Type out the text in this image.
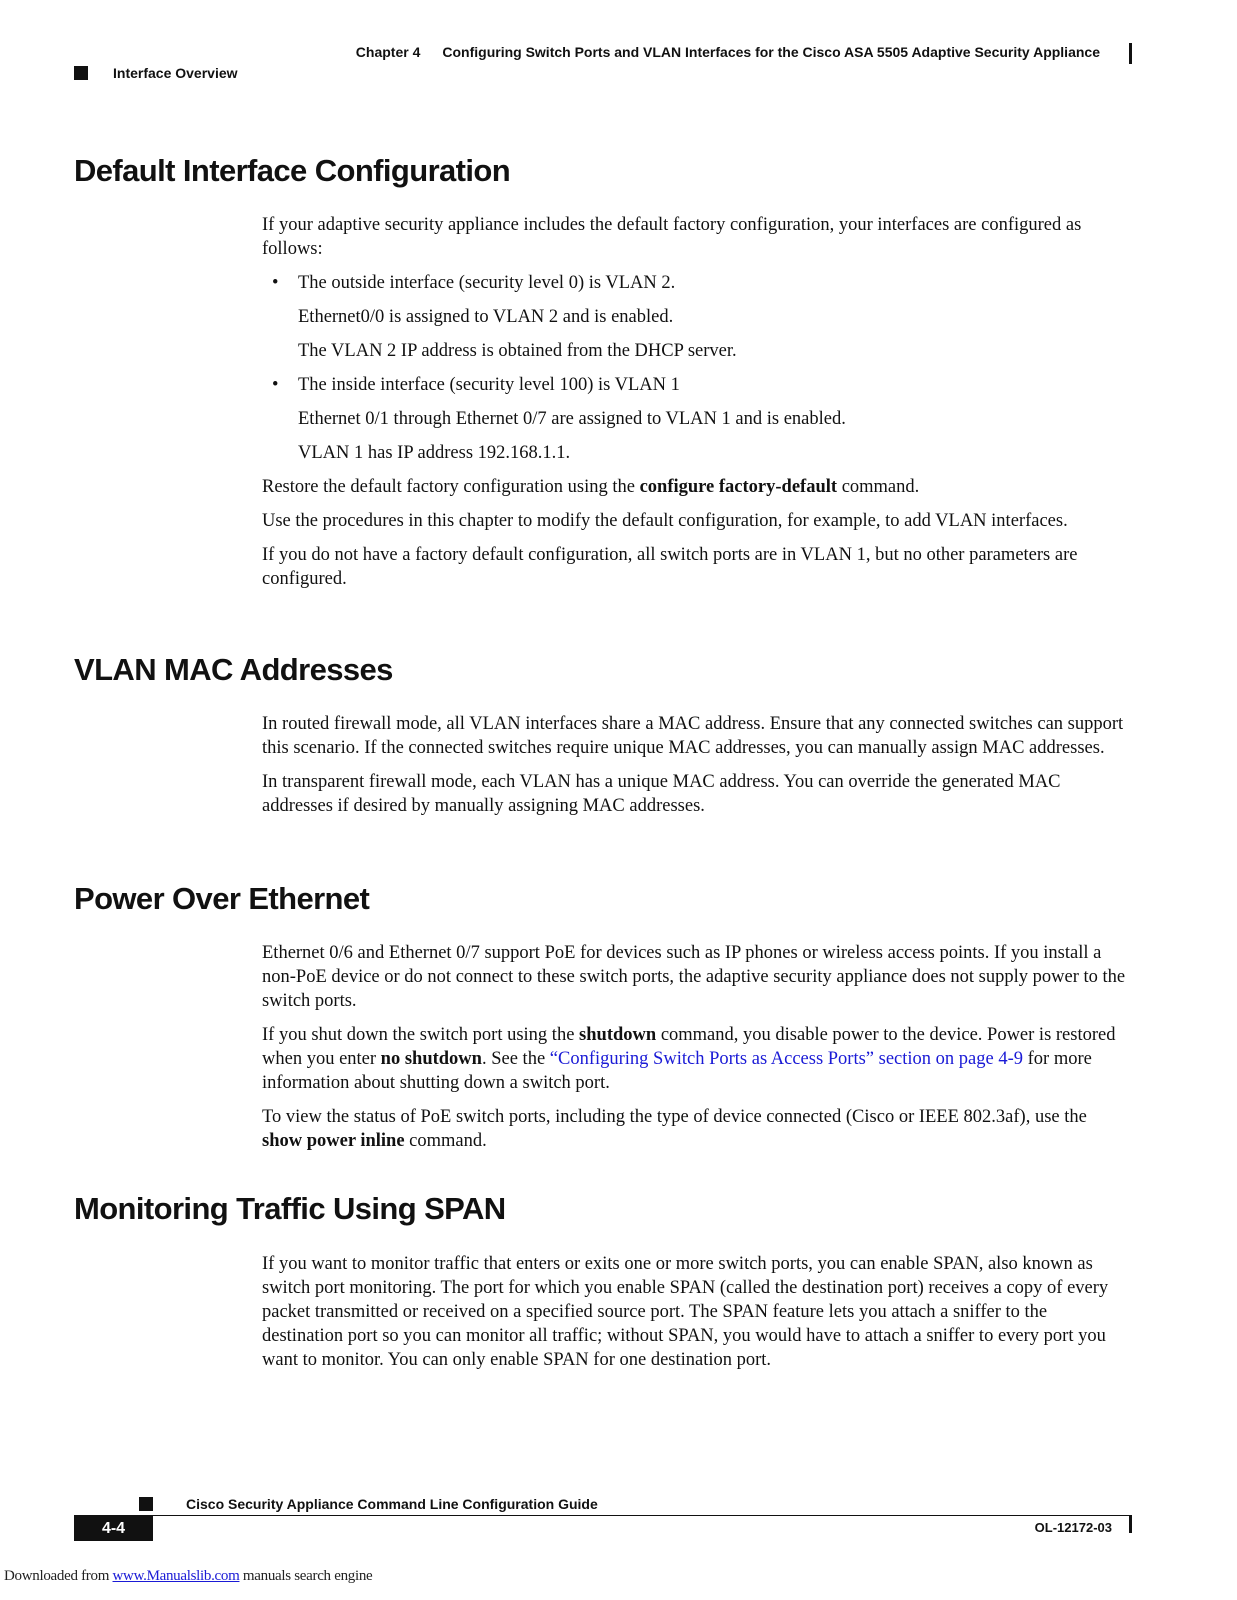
Chapter 4 Configuring Switch Ports and VLAN Interfaces for the Cisco ASA 5505 Adaptive Security Appliance
Interface Overview
Default Interface Configuration

If your adaptive security appliance includes the default factory configuration, your interfaces are configured as follows:

• The outside interface (security level 0) is VLAN 2.
Ethernet0/0 is assigned to VLAN 2 and is enabled.
The VLAN 2 IP address is obtained from the DHCP server.
• The inside interface (security level 100) is VLAN 1
Ethernet 0/1 through Ethernet 0/7 are assigned to VLAN 1 and is enabled.
VLAN 1 has IP address 192.168.1.1.

Restore the default factory configuration using the configure factory-default command.

Use the procedures in this chapter to modify the default configuration, for example, to add VLAN interfaces.

If you do not have a factory default configuration, all switch ports are in VLAN 1, but no other parameters are configured.

VLAN MAC Addresses

In routed firewall mode, all VLAN interfaces share a MAC address. Ensure that any connected switches can support this scenario. If the connected switches require unique MAC addresses, you can manually assign MAC addresses.

In transparent firewall mode, each VLAN has a unique MAC address. You can override the generated MAC addresses if desired by manually assigning MAC addresses.

Power Over Ethernet

Ethernet 0/6 and Ethernet 0/7 support PoE for devices such as IP phones or wireless access points. If you install a non-PoE device or do not connect to these switch ports, the adaptive security appliance does not supply power to the switch ports.

If you shut down the switch port using the shutdown command, you disable power to the device. Power is restored when you enter no shutdown. See the “Configuring Switch Ports as Access Ports” section on page 4-9 for more information about shutting down a switch port.

To view the status of PoE switch ports, including the type of device connected (Cisco or IEEE 802.3af), use the show power inline command.

Monitoring Traffic Using SPAN

If you want to monitor traffic that enters or exits one or more switch ports, you can enable SPAN, also known as switch port monitoring. The port for which you enable SPAN (called the destination port) receives a copy of every packet transmitted or received on a specified source port. The SPAN feature lets you attach a sniffer to the destination port so you can monitor all traffic; without SPAN, you would have to attach a sniffer to every port you want to monitor. You can only enable SPAN for one destination port.

Cisco Security Appliance Command Line Configuration Guide
4-4	OL-12172-03
Downloaded from www.Manualslib.com manuals search engine
